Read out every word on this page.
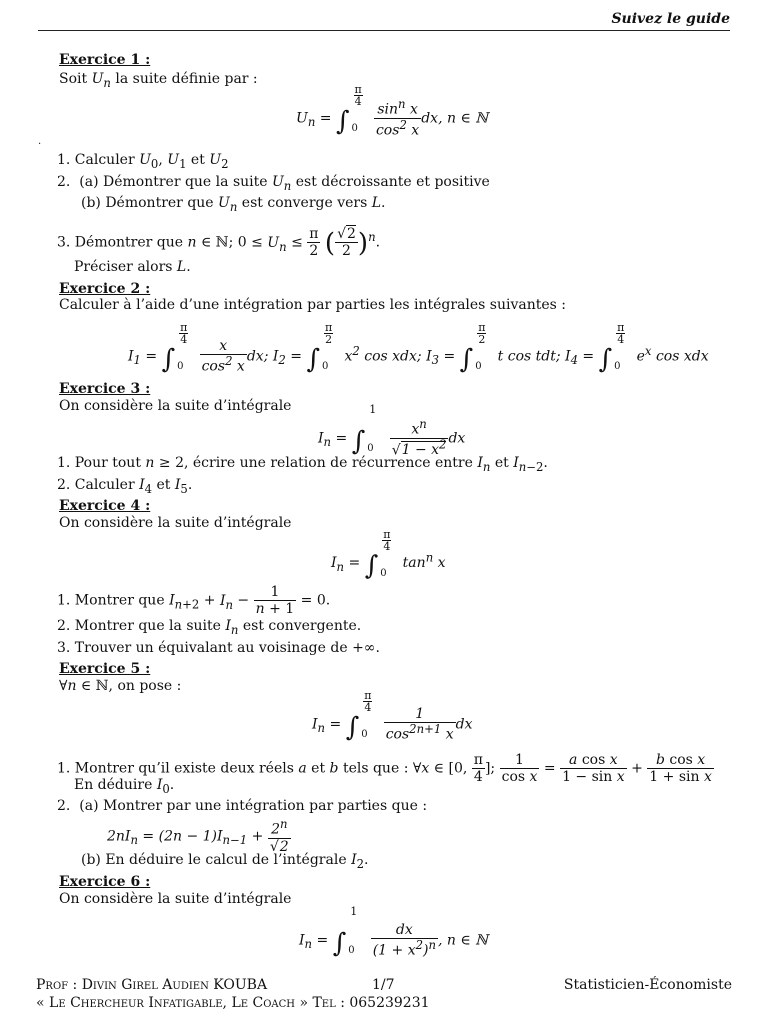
Suivez le guide
Exercice 1 :
Soit $U_n$ la suite définie par :
$U_n$ = ∫
π
4
0
$\frac{\sin^n x}{\cos^2 x}$ dx, n ∈ ℕ
.
1. Calculer $U_0$, $U_1$ et $U_2$
2.  (a) Démontrer que la suite $U_n$ est décroissante et positive
(b) Démontrer que $U_n$ est converge vers L.
3. Démontrer que n ∈ ℕ; $0 \le U_n \le \frac{\pi}{2}$ ( $\frac{√2}{2} )^n$.
Préciser alors L.
Exercice 2 :
Calculer à l’aide d’une intégration par parties les intégrales suivantes :
$I_1$ = ∫
π
4
0
$\frac{x}{\cos^2 x}$ dx; $I_2$ = ∫
π
2
0
$x^2$ cos xdx; $I_3$ = ∫
π
2
0
t cos tdt; $I_4$ = ∫
π
4
0
$e^x$ cos xdx
Exercice 3 :
On considère la suite d’intégrale
$I_n$ = ∫
1
0
$\frac{x^n}{√1 - x^2}$ dx
1. Pour tout n ≥ 2, écrire une relation de récurrence entre $I_n$ et $I_{n-2}$.
2. Calculer $I_4$ et $I_5$.
Exercice 4 :
On considère la suite d’intégrale
$I_n$ = ∫
π
4
0
$\tan^n x$
1. Montrer que $I_{n+2} + I_n - \frac{1}{n + 1} = 0$.
2. Montrer que la suite $I_n$ est convergente.
3. Trouver un équivalant au voisinage de +∞.
Exercice 5 :
∀n ∈ ℕ, on pose :
$I_n$ = ∫
π
4
0
$\frac{1}{\cos^{2n+1} x}$ dx
1. Montrer qu’il existe deux réels a et b tels que : ∀x ∈ [0, $\frac{\pi}{4}$ ]; $\frac{1}{\text{cos x}} = \frac{\text{a cos x}}{\text{1 − sin x}} + \frac{\text{b cos x}}{\text{1 + sin x}}$
En déduire $I_0$.
2.  (a) Montrer par une intégration par parties que :
$2nI_n = (2n - 1)I_{n-1} + \frac{2^n}{√2}$
(b) En déduire le calcul de l’intégrale $I_2$.
Exercice 6 :
On considère la suite d’intégrale
$I_n$ = ∫
1
0
$\frac{dx}{(1 + x^2)^n}$ , n ∈ ℕ
Prof : Divin Girel Audien KOUBA	1/7	Statisticien-Économiste
« Le Chercheur Infatigable, Le Coach » Tel : 065239231
